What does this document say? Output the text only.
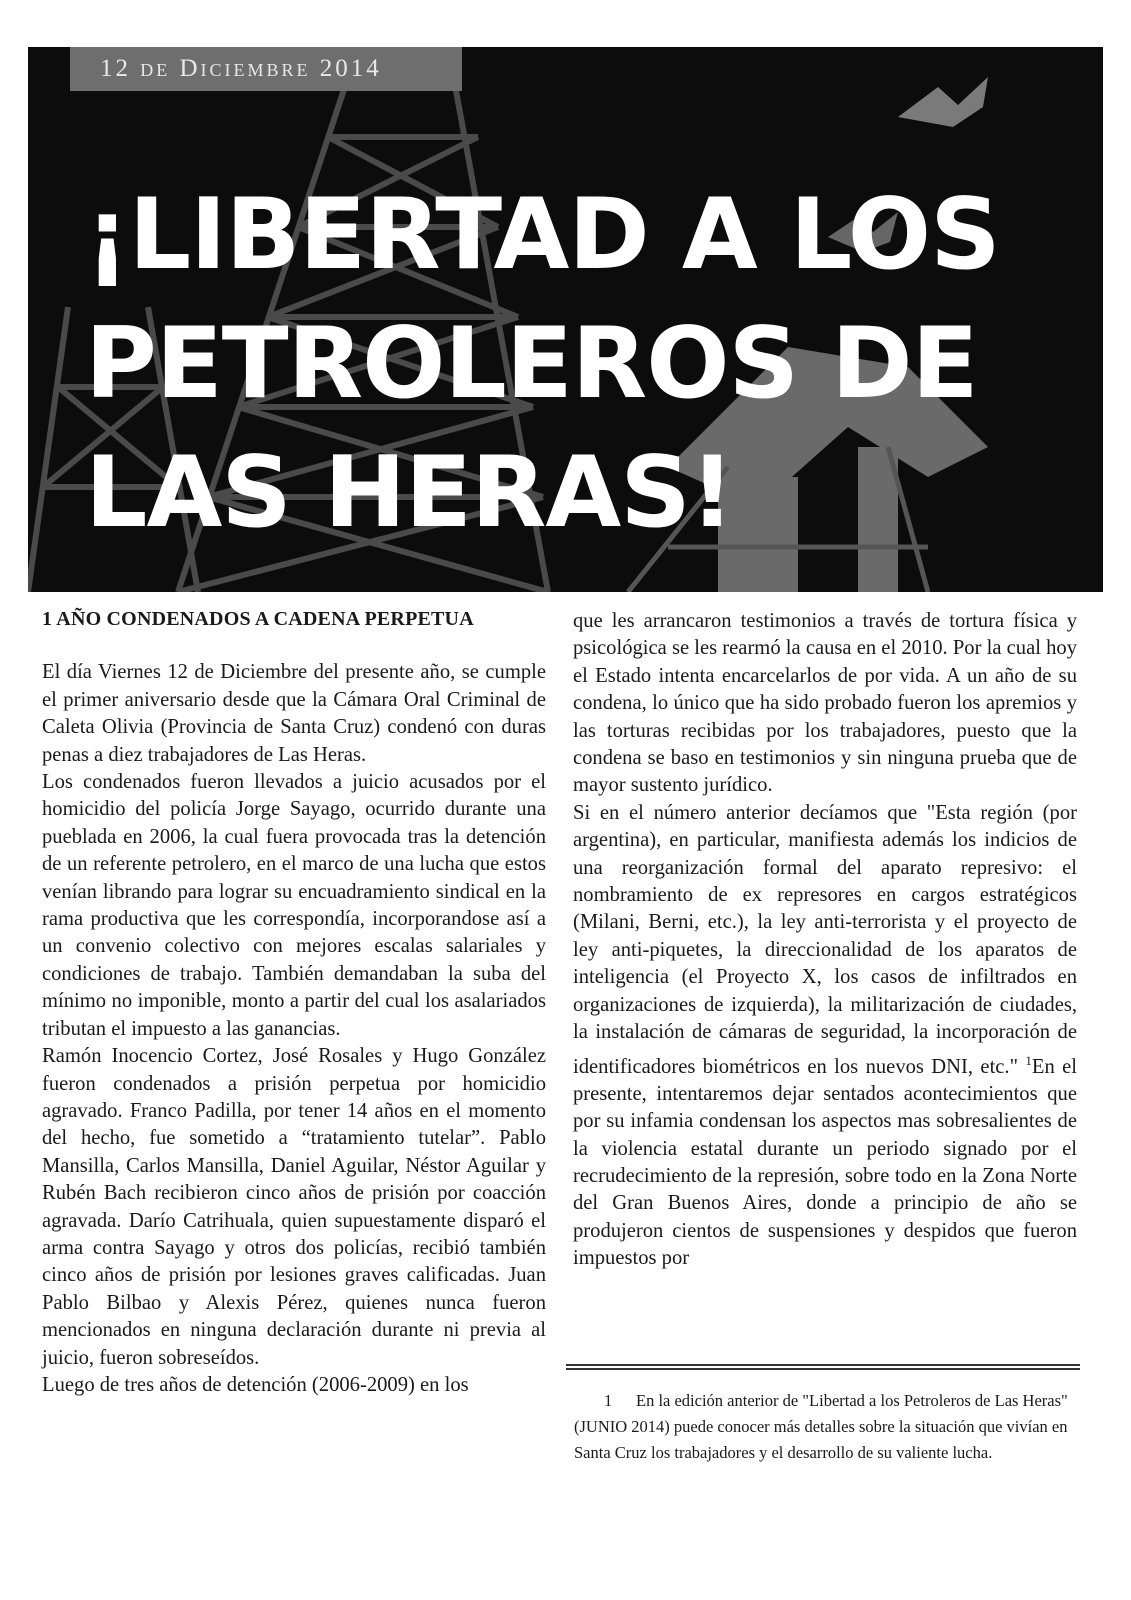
12 de Diciembre 2014
¡LIBERTAD A LOS
PETROLEROS DE
LAS HERAS!
1 AÑO CONDENADOS A CADENA PERPETUA

El día Viernes 12 de Diciembre del presente año, se cumple el primer aniversario desde que la Cámara Oral Criminal de Caleta Olivia (Provincia de Santa Cruz) condenó con duras penas a diez trabajadores de Las Heras.

Los condenados fueron llevados a juicio acusados por el homicidio del policía Jorge Sayago, ocurrido durante una pueblada en 2006, la cual fuera provocada tras la detención de un referente petrolero, en el marco de una lucha que estos venían librando para lograr su encuadramiento sindical en la rama productiva que les correspondía, incorporandose así a un convenio colectivo con mejores escalas salariales y condiciones de trabajo. También demandaban la suba del mínimo no imponible, monto a partir del cual los asalariados tributan el impuesto a las ganancias.

Ramón Inocencio Cortez, José Rosales y Hugo González fueron condenados a prisión perpetua por homicidio agravado. Franco Padilla, por tener 14 años en el momento del hecho, fue sometido a “tratamiento tutelar”. Pablo Mansilla, Carlos Mansilla, Daniel Aguilar, Néstor Aguilar y Rubén Bach recibieron cinco años de prisión por coacción agravada. Darío Catrihuala, quien supuestamente disparó el arma contra Sayago y otros dos policías, recibió también cinco años de prisión por lesiones graves calificadas. Juan Pablo Bilbao y Alexis Pérez, quienes nunca fueron mencionados en ninguna declaración durante ni previa al juicio, fueron sobreseídos.

Luego de tres años de detención (2006-2009) en los

que les arrancaron testimonios a través de tortura física y psicológica se les rearmó la causa en el 2010. Por la cual hoy el Estado intenta encarcelarlos de por vida. A un año de su condena, lo único que ha sido probado fueron los apremios y las torturas recibidas por los trabajadores, puesto que la condena se baso en testimonios y sin ninguna prueba que de mayor sustento jurídico.

Si en el número anterior decíamos que "Esta región (por argentina), en particular, manifiesta además los indicios de una reorganización formal del aparato represivo: el nombramiento de ex represores en cargos estratégicos (Milani, Berni, etc.), la ley anti-terrorista y el proyecto de ley anti-piquetes, la direccionalidad de los aparatos de inteligencia (el Proyecto X, los casos de infiltrados en organizaciones de izquierda), la militarización de ciudades, la instalación de cámaras de seguridad, la incorporación de identificadores biométricos en los nuevos DNI, etc." $^1$En el presente, intentaremos dejar sentados acontecimientos que por su infamia condensan los aspectos mas sobresalientes de la violencia estatal durante un periodo signado por el recrudecimiento de la represión, sobre todo en la Zona Norte del Gran Buenos Aires, donde a principio de año se produjeron cientos de suspensiones y despidos que fueron impuestos por

1	En la edición anterior de "Libertad a los Petroleros de Las Heras" (JUNIO 2014) puede conocer más detalles sobre la situación que vivían en Santa Cruz los trabajadores y el desarrollo de su valiente lucha.
